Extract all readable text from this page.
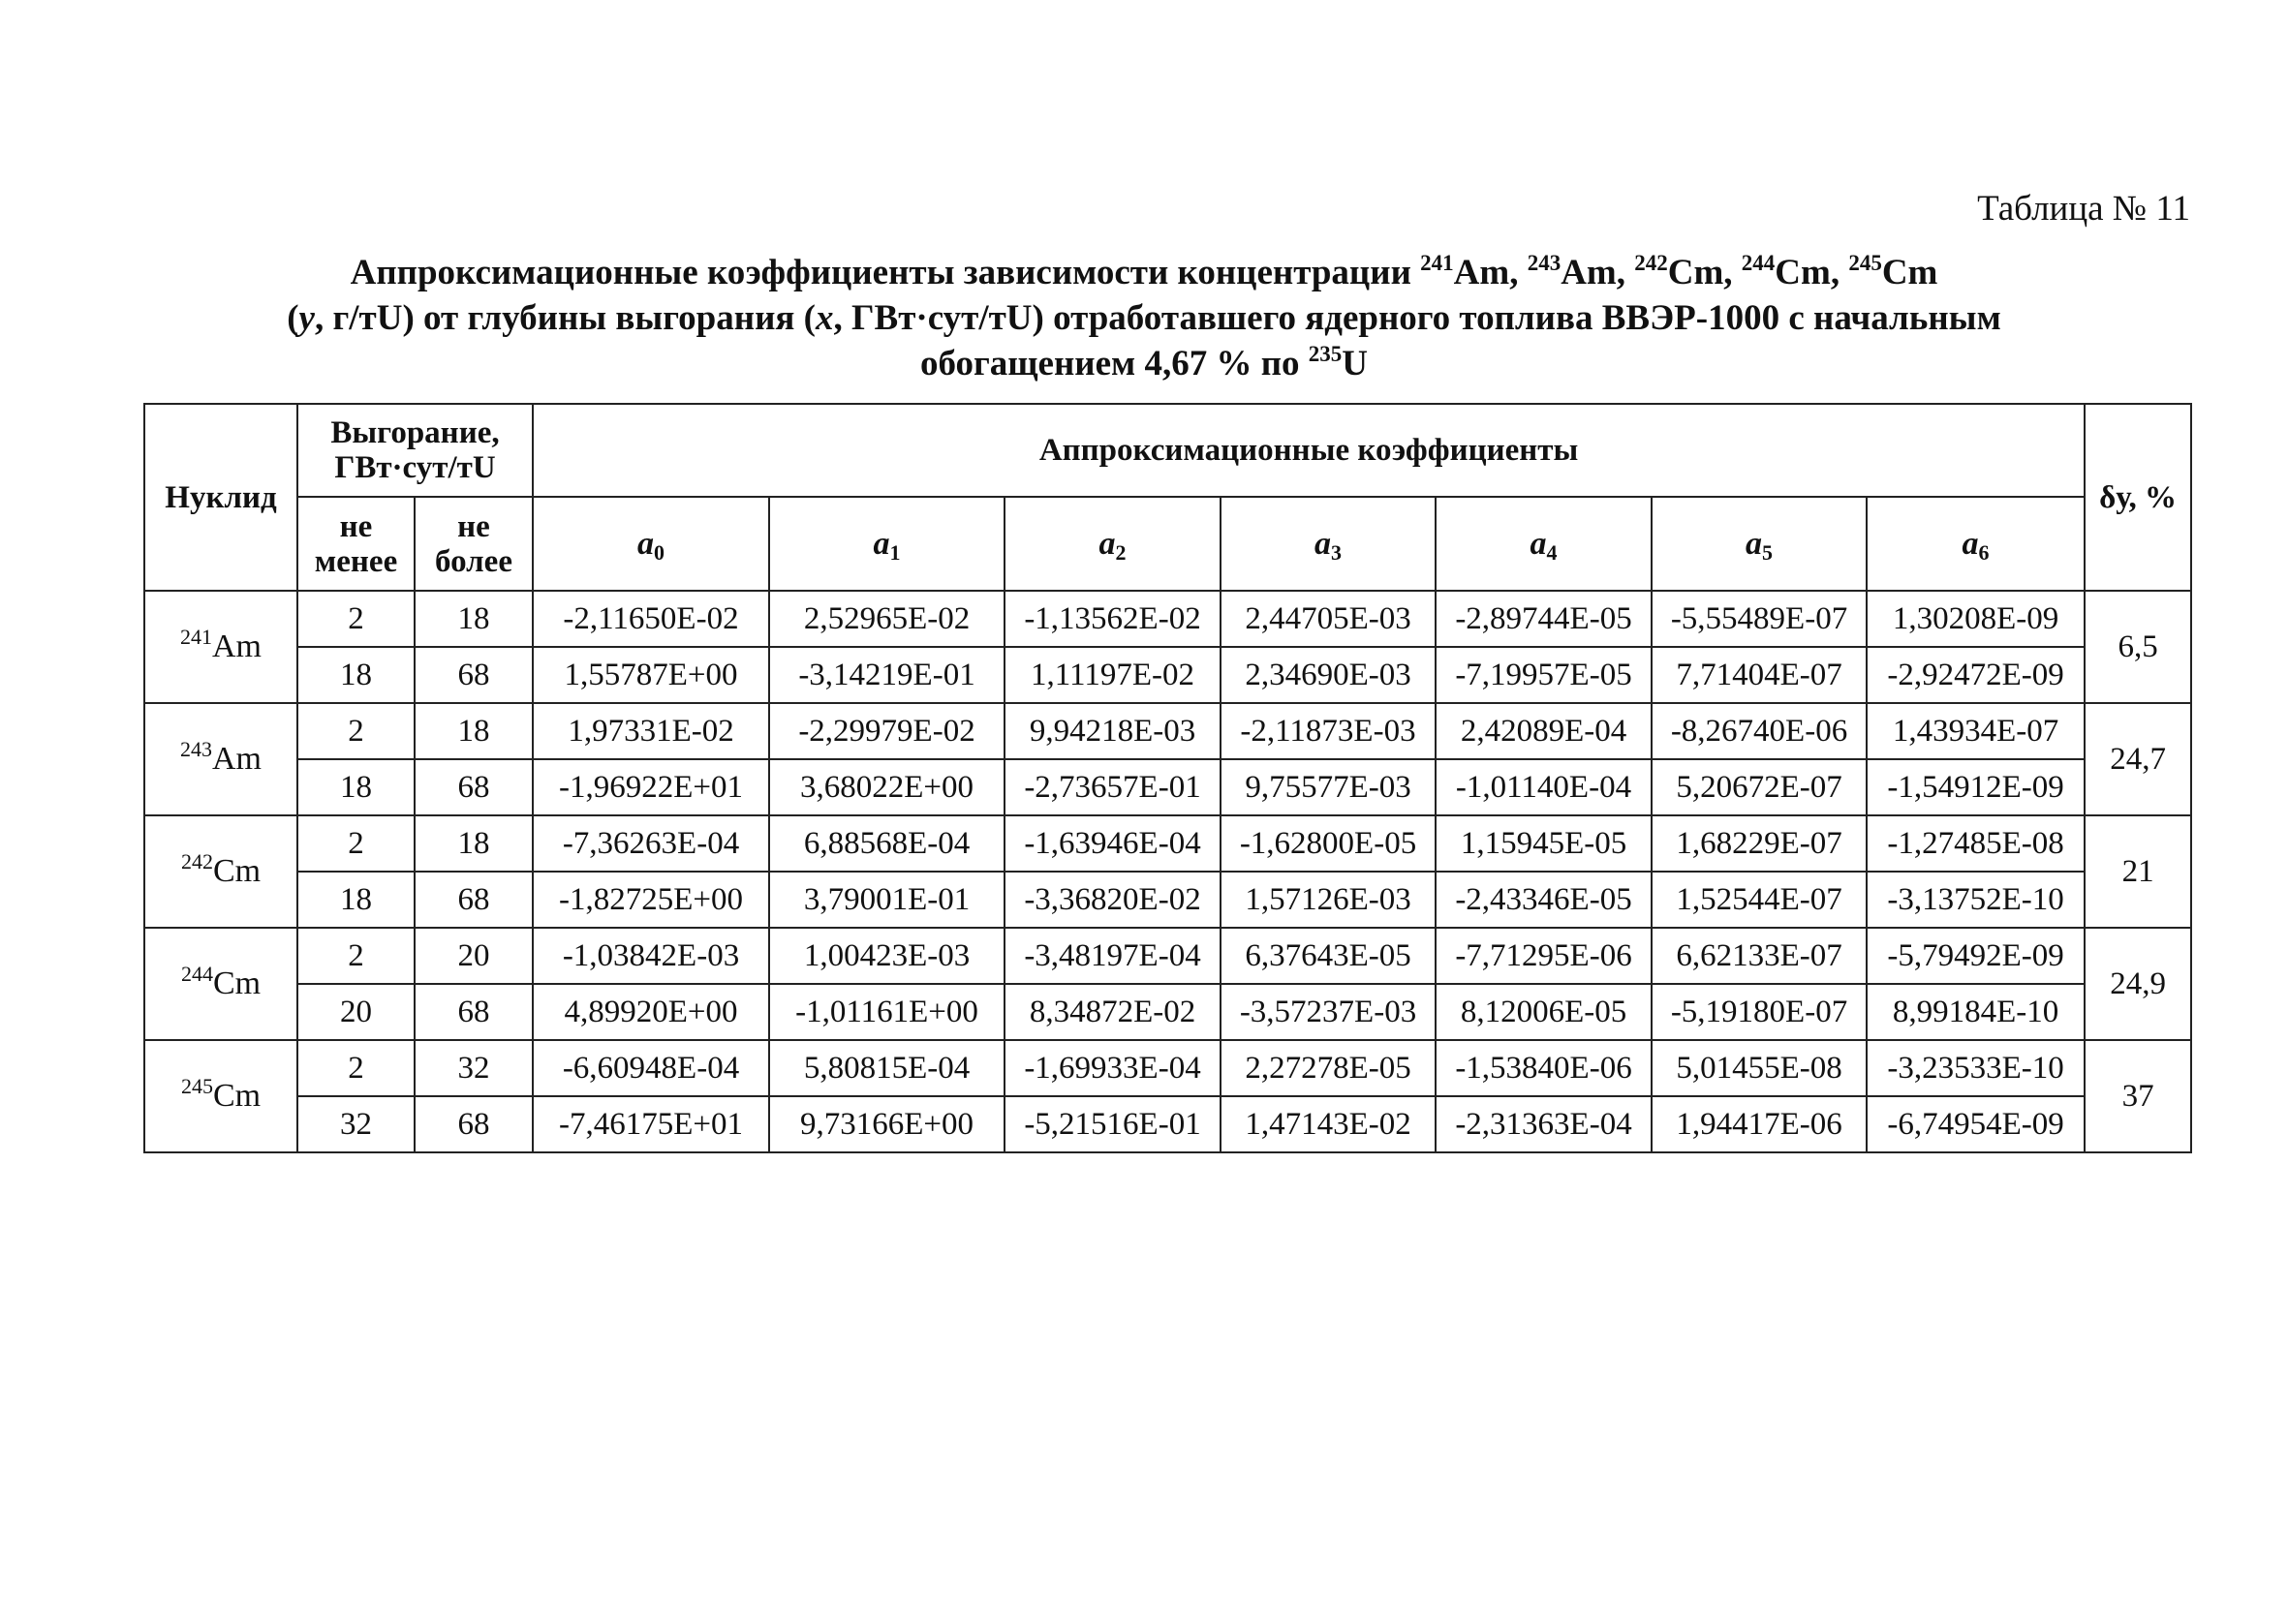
Таблица № 11
Аппроксимационные коэффициенты зависимости концентрации $^{241}$Am, $^{243}$Am, $^{242}$Cm, $^{244}$Cm, $^{245}$Cm
(y, г/тU) от глубины выгорания (x, ГВт·сут/тU) отработавшего ядерного топлива ВВЭР-1000 с начальным
обогащением 4,67 % по $^{235}$U
Нуклид	Выгорание, ГВт·сут/тU		Аппроксимационные коэффициенты							δу, %
	не менее	не более	$a_0$	$a_1$	$a_2$	$a_3$	$a_4$	$a_5$	$a_6$
$^{241}$Am	2	18	-2,11650E-02	2,52965E-02	-1,13562E-02	2,44705E-03	-2,89744E-05	-5,55489E-07	1,30208E-09	6,5
	18	68	1,55787E+00	-3,14219E-01	1,11197E-02	2,34690E-03	-7,19957E-05	7,71404E-07	-2,92472E-09	
$^{243}$Am	2	18	1,97331E-02	-2,29979E-02	9,94218E-03	-2,11873E-03	2,42089E-04	-8,26740E-06	1,43934E-07	24,7
	18	68	-1,96922E+01	3,68022E+00	-2,73657E-01	9,75577E-03	-1,01140E-04	5,20672E-07	-1,54912E-09	
$^{242}$Cm	2	18	-7,36263E-04	6,88568E-04	-1,63946E-04	-1,62800E-05	1,15945E-05	1,68229E-07	-1,27485E-08	21
	18	68	-1,82725E+00	3,79001E-01	-3,36820E-02	1,57126E-03	-2,43346E-05	1,52544E-07	-3,13752E-10	
$^{244}$Cm	2	20	-1,03842E-03	1,00423E-03	-3,48197E-04	6,37643E-05	-7,71295E-06	6,62133E-07	-5,79492E-09	24,9
	20	68	4,89920E+00	-1,01161E+00	8,34872E-02	-3,57237E-03	8,12006E-05	-5,19180E-07	8,99184E-10	
$^{245}$Cm	2	32	-6,60948E-04	5,80815E-04	-1,69933E-04	2,27278E-05	-1,53840E-06	5,01455E-08	-3,23533E-10	37
	32	68	-7,46175E+01	9,73166E+00	-5,21516E-01	1,47143E-02	-2,31363E-04	1,94417E-06	-6,74954E-09	
